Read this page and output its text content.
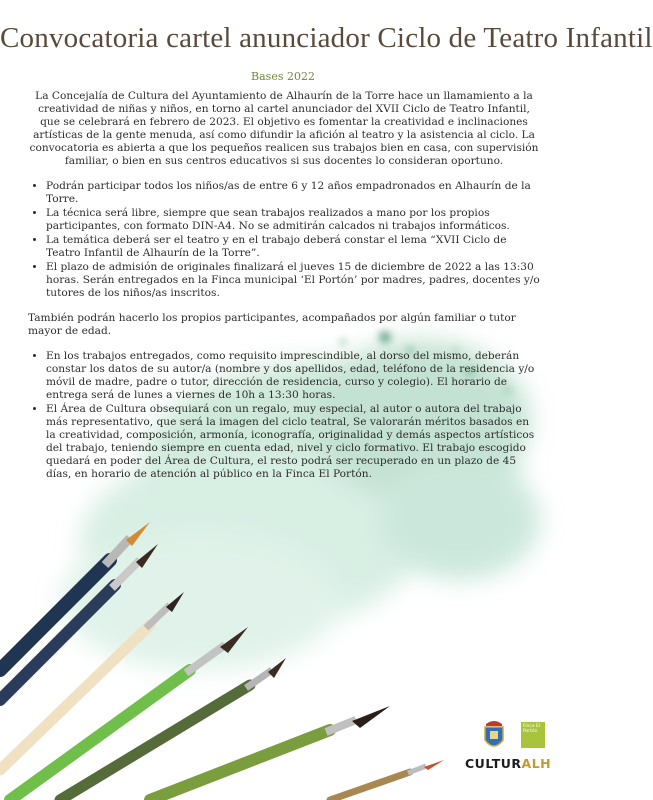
Convocatoria cartel anunciador Ciclo de Teatro Infantil
Bases 2022

La Concejalía de Cultura del Ayuntamiento de Alhaurín de la Torre hace un llamamiento a la creatividad de niñas y niños, en torno al cartel anunciador del XVII Ciclo de Teatro Infantil, que se celebrará en febrero de 2023. El objetivo es fomentar la creatividad e inclinaciones artísticas de la gente menuda, así como difundir la afición al teatro y la asistencia al ciclo. La convocatoria es abierta a que los pequeños realicen sus trabajos bien en casa, con supervisión familiar, o bien en sus centros educativos si sus docentes lo consideran oportuno.

• Podrán participar todos los niños/as de entre 6 y 12 años empadronados en Alhaurín de la Torre.
• La técnica será libre, siempre que sean trabajos realizados a mano por los propios participantes, con formato DIN-A4. No se admitirán calcados ni trabajos informáticos.
• La temática deberá ser el teatro y en el trabajo deberá constar el lema “XVII Ciclo de Teatro Infantil de Alhaurín de la Torre”.
• El plazo de admisión de originales finalizará el jueves 15 de diciembre de 2022 a las 13:30 horas. Serán entregados en la Finca municipal ‘El Portón’ por madres, padres, docentes y/o tutores de los niños/as inscritos.

También podrán hacerlo los propios participantes, acompañados por algún familiar o tutor mayor de edad.

• En los trabajos entregados, como requisito imprescindible, al dorso del mismo, deberán constar los datos de su autor/a (nombre y dos apellidos, edad, teléfono de la residencia y/o móvil de madre, padre o tutor, dirección de residencia, curso y colegio). El horario de entrega será de lunes a viernes de 10h a 13:30 horas.
• El Área de Cultura obsequiará con un regalo, muy especial, al autor o autora del trabajo más representativo, que será la imagen del ciclo teatral, Se valorarán méritos basados en la creatividad, composición, armonía, iconografía, originalidad y demás aspectos artísticos del trabajo, teniendo siempre en cuenta edad, nivel y ciclo formativo. El trabajo escogido quedará en poder del Área de Cultura, el resto podrá ser recuperado en un plazo de 45 días, en horario de atención al público en la Finca El Portón.
Finca El Portón
CULTURALH
